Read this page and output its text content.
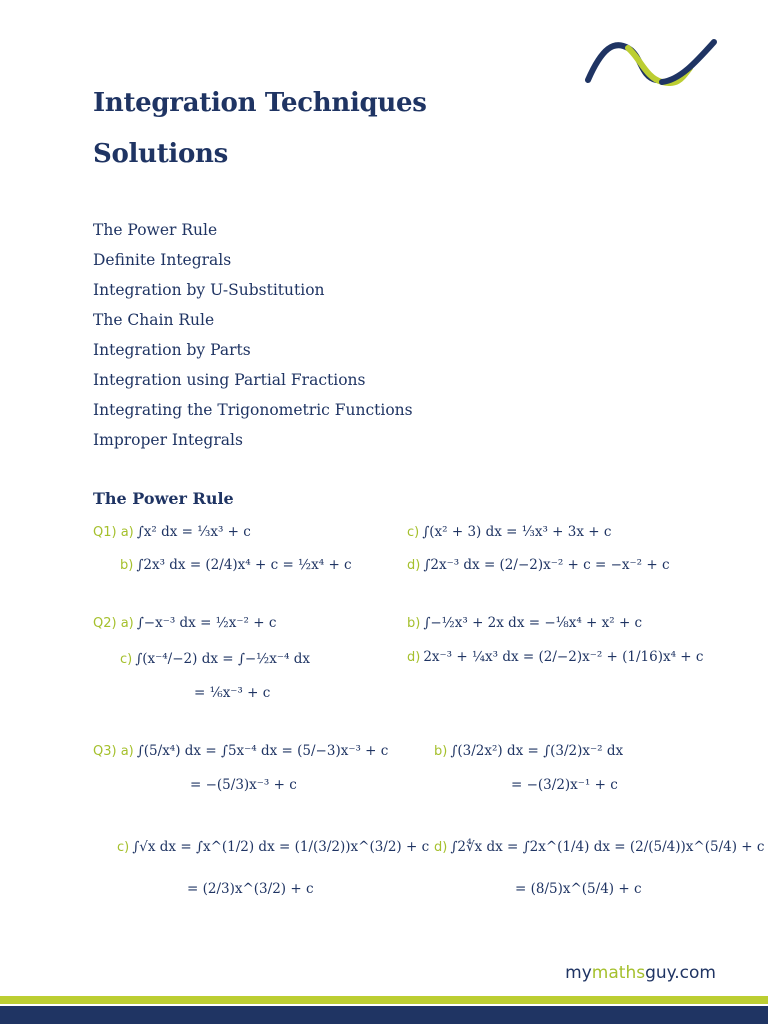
Integration Techniques
Solutions
The Power Rule
Definite Integrals
Integration by U-Substitution
The Chain Rule
Integration by Parts
Integration using Partial Fractions
Integrating the Trigonometric Functions
Improper Integrals
The Power Rule
Q1) a) ∫x² dx = ⅓x³ + c	c) ∫(x² + 3) dx = ⅓x³ + 3x + c
b) ∫2x³ dx = (2/4)x⁴ + c = ½x⁴ + c	d) ∫2x⁻³ dx = (2/−2)x⁻² + c = −x⁻² + c
Q2) a) ∫−x⁻³ dx = ½x⁻² + c	b) ∫−½x³ + 2x dx = −⅛x⁴ + x² + c
c) ∫(x⁻⁴/−2) dx = ∫−½x⁻⁴ dx
= ⅙x⁻³ + c
d) 2x⁻³ + ¼x³ dx = (2/−2)x⁻² + (1/16)x⁴ + c
Q3) a) ∫(5/x⁴) dx = ∫5x⁻⁴ dx = (5/−3)x⁻³ + c
= −(5/3)x⁻³ + c
b) ∫(3/2x²) dx = ∫(3/2)x⁻² dx
= −(3/2)x⁻¹ + c
c) ∫√x dx = ∫x^(1/2) dx = (1/(3/2))x^(3/2) + c
= (2/3)x^(3/2) + c
d) ∫2∜x dx = ∫2x^(1/4) dx = (2/(5/4))x^(5/4) + c
= (8/5)x^(5/4) + c
mymathsguy.com
